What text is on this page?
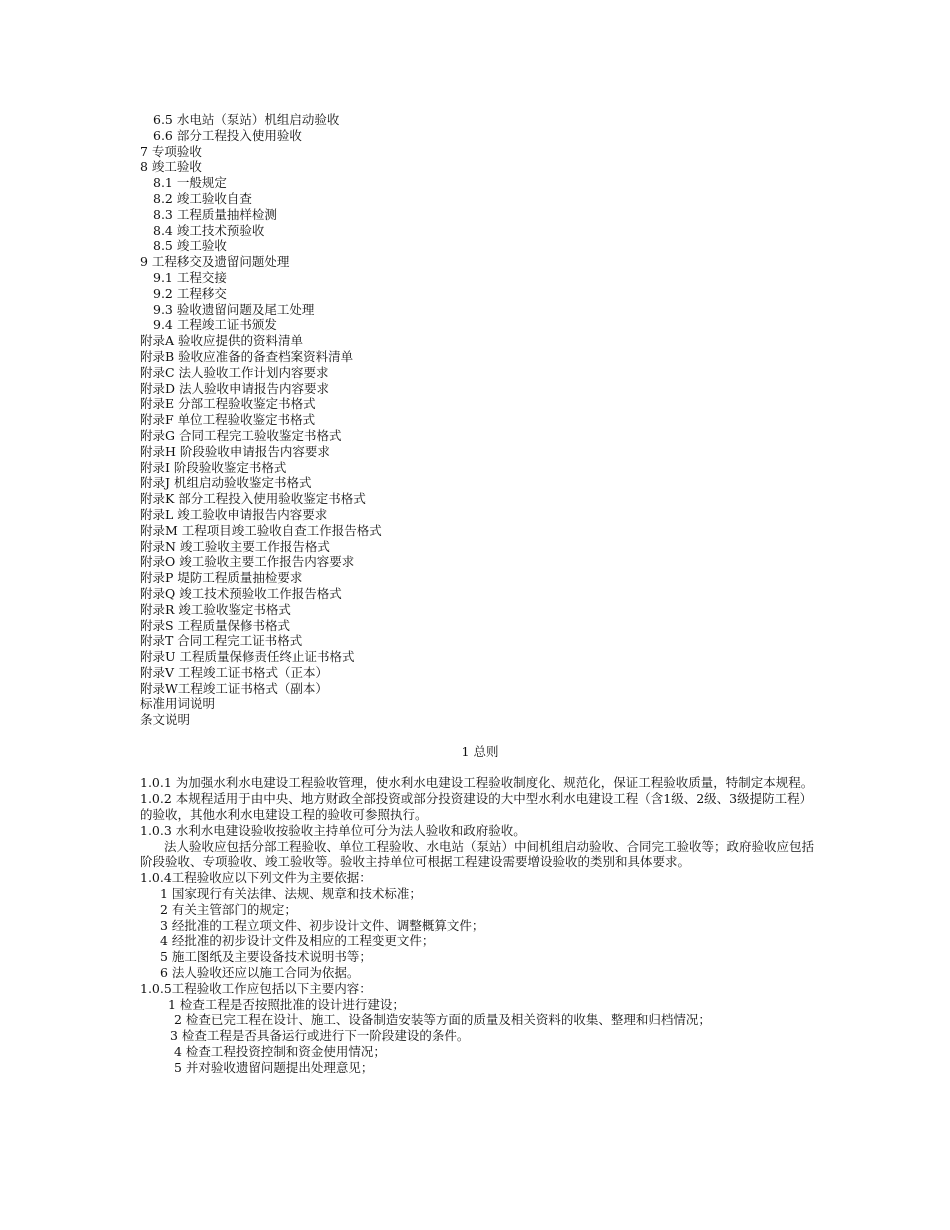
6.5 水电站（泵站）机组启动验收
6.6 部分工程投入使用验收
7 专项验收
8 竣工验收
8.1 一般规定
8.2 竣工验收自查
8.3 工程质量抽样检测
8.4 竣工技术预验收
8.5 竣工验收
9 工程移交及遗留问题处理
9.1 工程交接
9.2 工程移交
9.3 验收遗留问题及尾工处理
9.4 工程竣工证书颁发
附录A 验收应提供的资料清单
附录B 验收应准备的备查档案资料清单
附录C 法人验收工作计划内容要求
附录D 法人验收申请报告内容要求
附录E 分部工程验收鉴定书格式
附录F 单位工程验收鉴定书格式
附录G 合同工程完工验收鉴定书格式
附录H 阶段验收申请报告内容要求
附录I 阶段验收鉴定书格式
附录J 机组启动验收鉴定书格式
附录K 部分工程投入使用验收鉴定书格式
附录L 竣工验收申请报告内容要求
附录M 工程项目竣工验收自查工作报告格式
附录N 竣工验收主要工作报告格式
附录O 竣工验收主要工作报告内容要求
附录P 堤防工程质量抽检要求
附录Q 竣工技术预验收工作报告格式
附录R 竣工验收鉴定书格式
附录S 工程质量保修书格式
附录T 合同工程完工证书格式
附录U 工程质量保修责任终止证书格式
附录V 工程竣工证书格式（正本）
附录W工程竣工证书格式（副本）
标准用词说明
条文说明
1 总则

1.0.1 为加强水利水电建设工程验收管理，使水利水电建设工程验收制度化、规范化，保证工程验收质量，特制定本规程。

1.0.2 本规程适用于由中央、地方财政全部投资或部分投资建设的大中型水利水电建设工程（含1级、2级、3级提防工程）的验收，其他水利水电建设工程的验收可参照执行。

1.0.3 水利水电建设验收按验收主持单位可分为法人验收和政府验收。

法人验收应包括分部工程验收、单位工程验收、水电站（泵站）中间机组启动验收、合同完工验收等；政府验收应包括阶段验收、专项验收、竣工验收等。验收主持单位可根据工程建设需要增设验收的类别和具体要求。

1.0.4工程验收应以下列文件为主要依据：

1 国家现行有关法律、法规、规章和技术标准；
2 有关主管部门的规定；
3 经批准的工程立项文件、初步设计文件、调整概算文件；
4 经批准的初步设计文件及相应的工程变更文件；
5 施工图纸及主要设备技术说明书等；
6 法人验收还应以施工合同为依据。

1.0.5工程验收工作应包括以下主要内容：

1 检查工程是否按照批准的设计进行建设；
2 检查已完工程在设计、施工、设备制造安装等方面的质量及相关资料的收集、整理和归档情况；
3 检查工程是否具备运行或进行下一阶段建设的条件。
4 检查工程投资控制和资金使用情况；
5 并对验收遗留问题提出处理意见；
